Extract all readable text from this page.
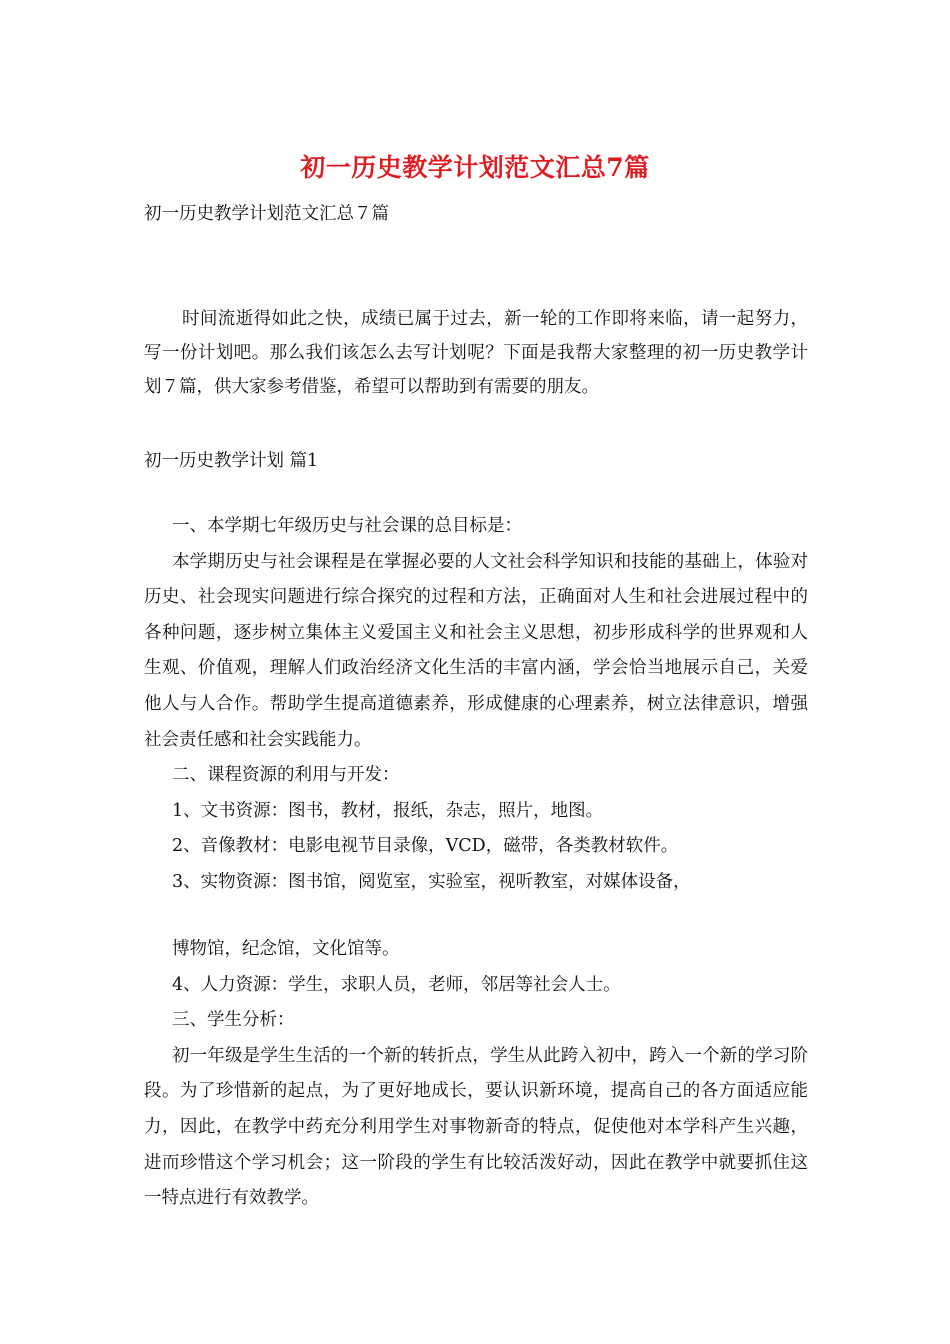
初一历史教学计划范文汇总7篇
初一历史教学计划范文汇总７篇
时间流逝得如此之快，成绩已属于过去，新一轮的工作即将来临，请一起努力，写一份计划吧。那么我们该怎么去写计划呢？下面是我帮大家整理的初一历史教学计划７篇，供大家参考借鉴，希望可以帮助到有需要的朋友。
初一历史教学计划 篇1

一、本学期七年级历史与社会课的总目标是：

本学期历史与社会课程是在掌握必要的人文社会科学知识和技能的基础上，体验对历史、社会现实问题进行综合探究的过程和方法，正确面对人生和社会进展过程中的各种问题，逐步树立集体主义爱国主义和社会主义思想，初步形成科学的世界观和人生观、价值观，理解人们政治经济文化生活的丰富内涵，学会恰当地展示自己，关爱他人与人合作。帮助学生提高道德素养，形成健康的心理素养，树立法律意识，增强社会责任感和社会实践能力。

二、课程资源的利用与开发：

1、文书资源：图书，教材，报纸，杂志，照片，地图。

2、音像教材：电影电视节目录像，VCD，磁带，各类教材软件。

3、实物资源：图书馆，阅览室，实验室，视听教室，对媒体设备，

博物馆，纪念馆，文化馆等。

4、人力资源：学生，求职人员，老师，邻居等社会人士。

三、学生分析：

初一年级是学生生活的一个新的转折点，学生从此跨入初中，跨入一个新的学习阶段。为了珍惜新的起点，为了更好地成长，要认识新环境，提高自己的各方面适应能力，因此，在教学中药充分利用学生对事物新奇的特点，促使他对本学科产生兴趣，进而珍惜这个学习机会；这一阶段的学生有比较活泼好动，因此在教学中就要抓住这一特点进行有效教学。
